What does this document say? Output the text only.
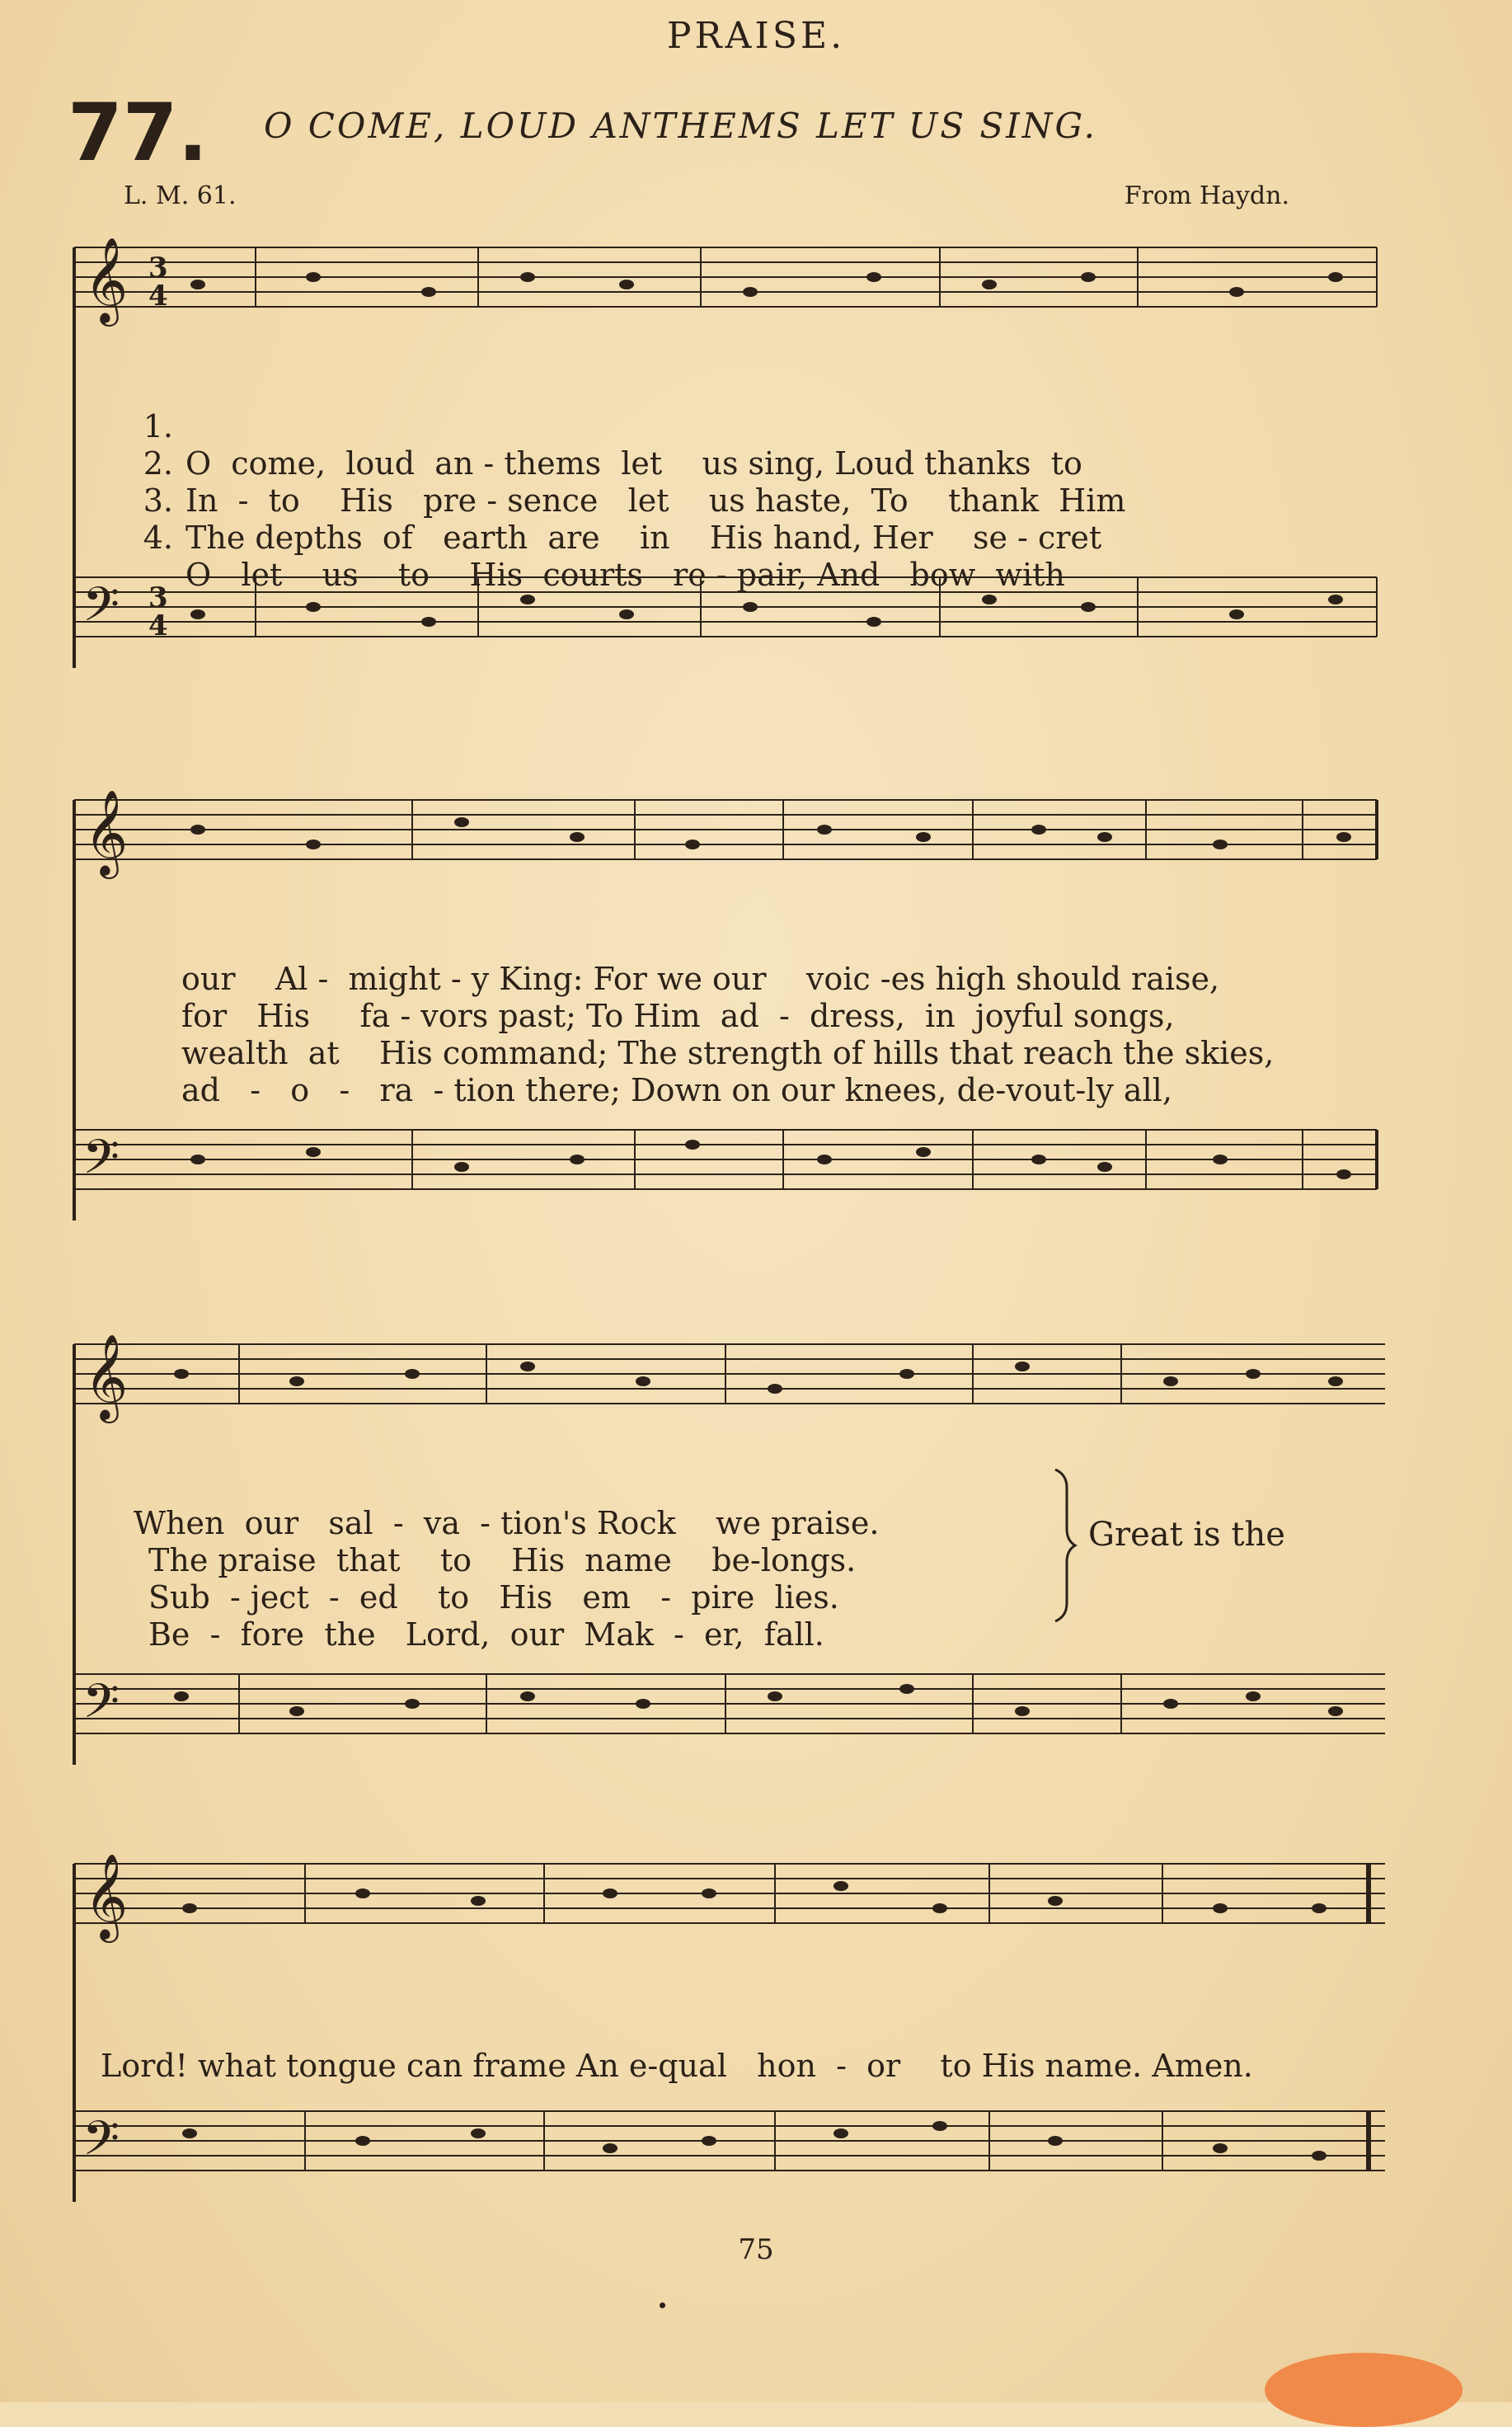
PRAISE.
77. O COME, LOUD ANTHEMS LET US SING.
L. M. 61.	From Haydn.
𝄞 3
4
𝄢 3
4

1.

O  come,  loud  an - thems  let    us sing, Loud thanks  to

2.

In  -  to    His   pre - sence   let    us haste,  To    thank  Him

3.

The depths  of   earth  are    in    His hand, Her    se - cret

4.

O   let    us    to    His  courts   re - pair, And   bow  with

𝄞
𝄢

our    Al -  might - y King: For we our    voic -es high should raise,

for   His     fa - vors past; To Him  ad  -  dress,  in  joyful songs,

wealth  at    His command; The strength of hills that reach the skies,

ad   -   o   -   ra  - tion there; Down on our knees, de-vout-ly all,

𝄞
𝄢

When  our   sal  -  va  - tion's Rock    we praise.

The praise  that    to    His  name    be-longs.

Sub  - ject  -  ed    to   His   em   -  pire  lies.

Be  -  fore  the   Lord,  our  Mak  -  er,  fall.

Great is the
𝄞
𝄢

Lord! what tongue can frame An e-qual   hon  -  or    to His name. Amen.

75
